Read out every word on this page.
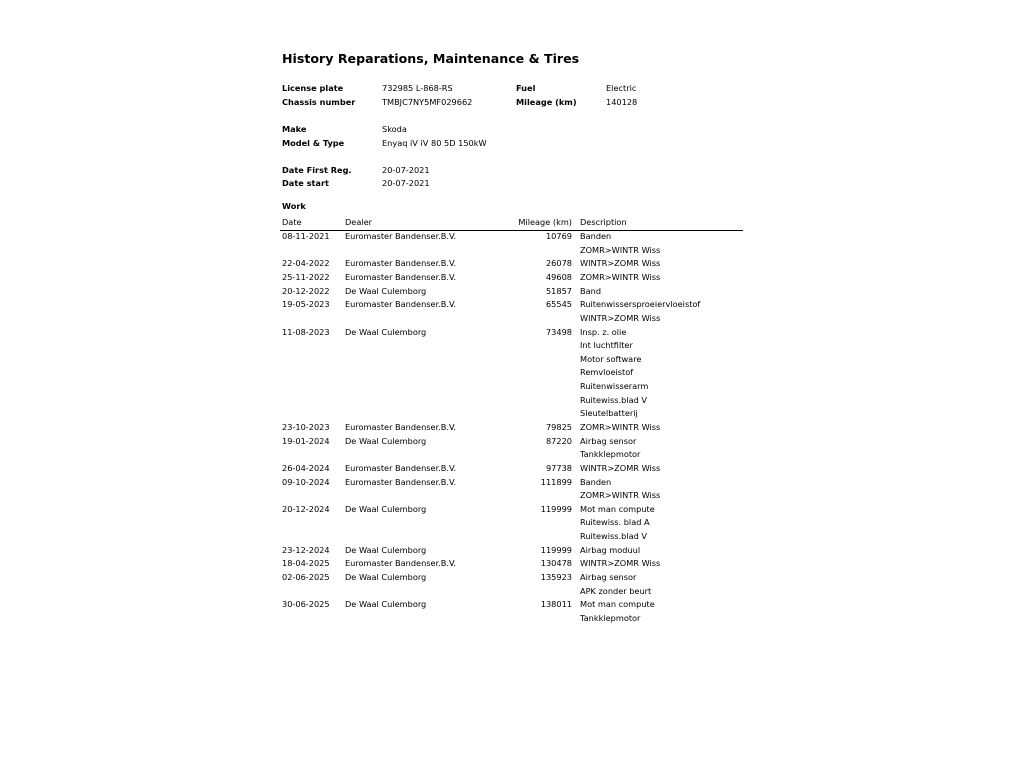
History Reparations, Maintenance & Tires
License plate	732985 L-868-RS	Fuel	Electric
Chassis number	TMBJC7NY5MF029662	Mileage (km)	140128
Make	Skoda
Model & Type	Enyaq iV iV 80 5D 150kW
Date First Reg.	20-07-2021
Date start	20-07-2021
Work
Date	Dealer	Mileage (km) Description
08-11-2021	Euromaster Bandenser.B.V.	10769 Banden
ZOMR>WINTR Wiss
22-04-2022	Euromaster Bandenser.B.V.	26078 WINTR>ZOMR Wiss
25-11-2022	Euromaster Bandenser.B.V.	49608 ZOMR>WINTR Wiss
20-12-2022	De Waal Culemborg	51857 Band
19-05-2023	Euromaster Bandenser.B.V.	65545 Ruitenwissersproeiervloeistof
WINTR>ZOMR Wiss
11-08-2023	De Waal Culemborg	73498 Insp. z. olie
Int luchtfilter
Motor software
Remvloeistof
Ruitenwisserarm
Ruitewiss.blad V
Sleutelbatterij
23-10-2023	Euromaster Bandenser.B.V.	79825 ZOMR>WINTR Wiss
19-01-2024	De Waal Culemborg	87220 Airbag sensor
Tankklepmotor
26-04-2024	Euromaster Bandenser.B.V.	97738 WINTR>ZOMR Wiss
09-10-2024	Euromaster Bandenser.B.V.	111899 Banden
ZOMR>WINTR Wiss
20-12-2024	De Waal Culemborg	119999 Mot man compute
Ruitewiss. blad A
Ruitewiss.blad V
23-12-2024	De Waal Culemborg	119999 Airbag moduul
18-04-2025	Euromaster Bandenser.B.V.	130478 WINTR>ZOMR Wiss
02-06-2025	De Waal Culemborg	135923 Airbag sensor
APK zonder beurt
30-06-2025	De Waal Culemborg	138011 Mot man compute
Tankklepmotor
